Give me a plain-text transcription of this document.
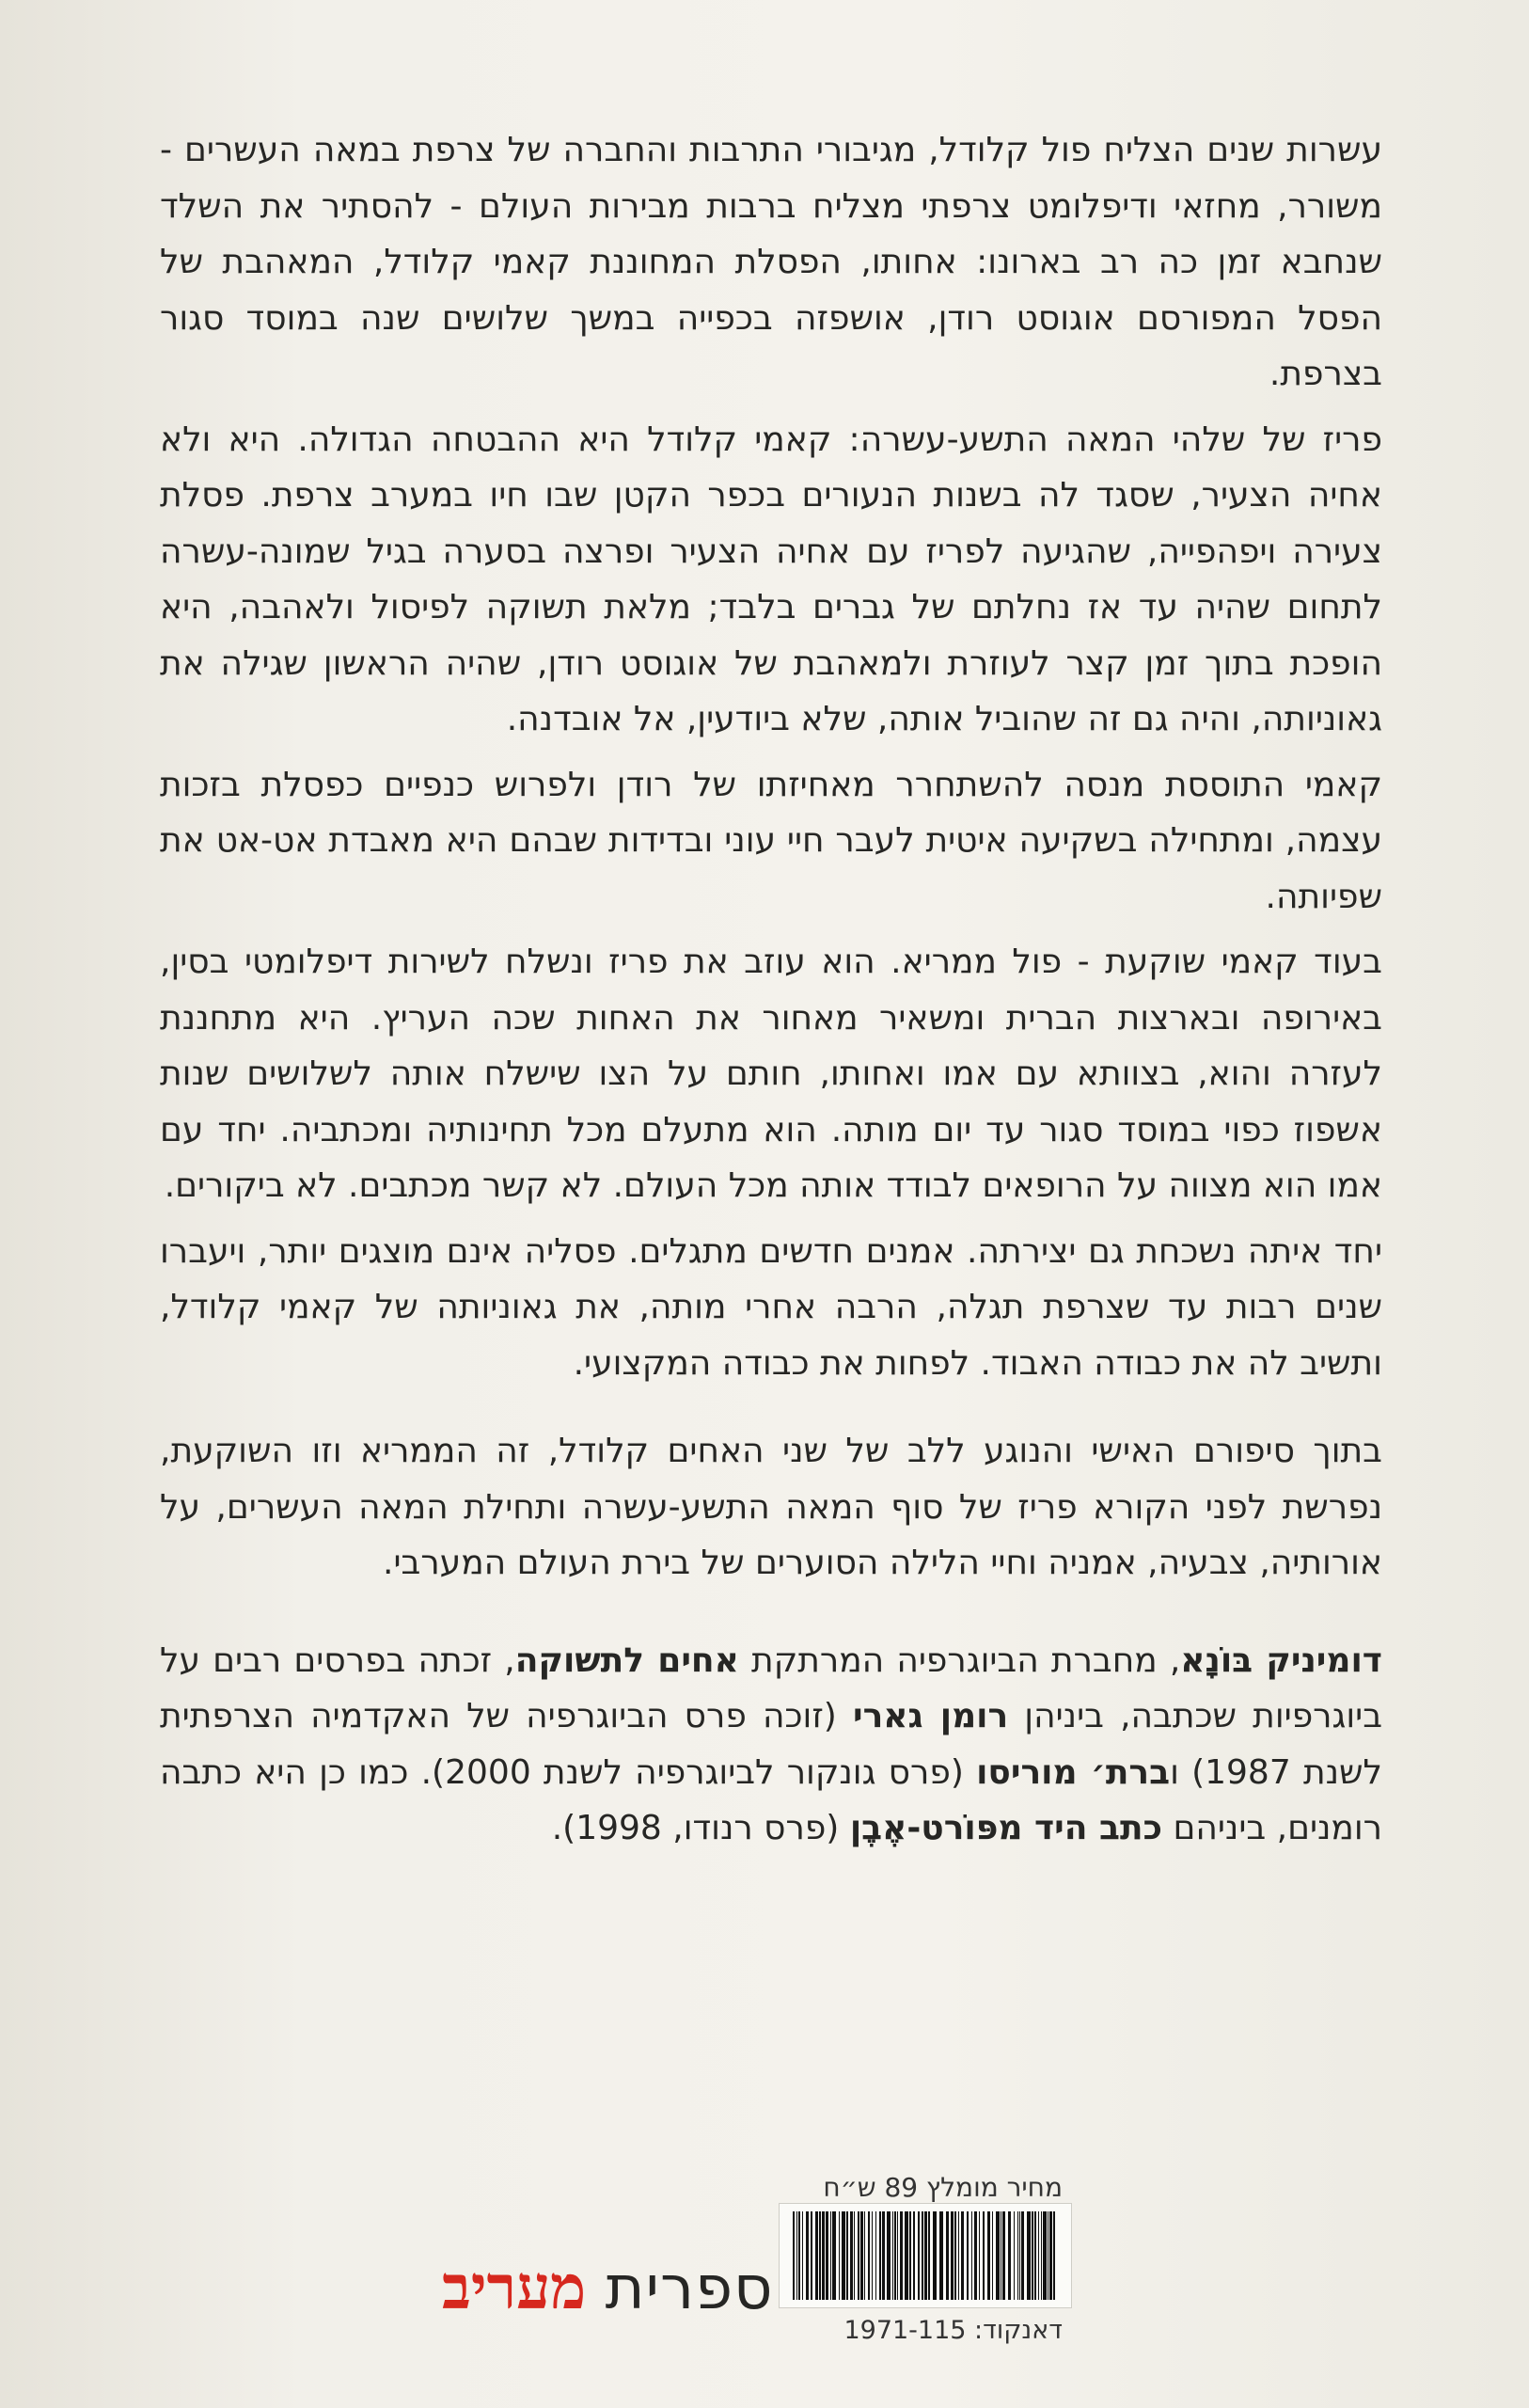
עשרות שנים הצליח פול קלודל, מגיבורי התרבות והחברה של צרפת במאה העשרים - משורר, מחזאי ודיפלומט צרפתי מצליח ברבות מבירות העולם - להסתיר את השלד שנחבא זמן כה רב בארונו: אחותו, הפסלת המחוננת קאמי קלודל, המאהבת של הפסל המפורסם אוגוסט רודן, אושפזה בכפייה במשך שלושים שנה במוסד סגור בצרפת.

פריז של שלהי המאה התשע-עשרה: קאמי קלודל היא ההבטחה הגדולה. היא ולא אחיה הצעיר, שסגד לה בשנות הנעורים בכפר הקטן שבו חיו במערב צרפת. פסלת צעירה ויפהפייה, שהגיעה לפריז עם אחיה הצעיר ופרצה בסערה בגיל שמונה-עשרה לתחום שהיה עד אז נחלתם של גברים בלבד; מלאת תשוקה לפיסול ולאהבה, היא הופכת בתוך זמן קצר לעוזרת ולמאהבת של אוגוסט רודן, שהיה הראשון שגילה את גאוניותה, והיה גם זה שהוביל אותה, שלא ביודעין, אל אובדנה.

קאמי התוססת מנסה להשתחרר מאחיזתו של רודן ולפרוש כנפיים כפסלת בזכות עצמה, ומתחילה בשקיעה איטית לעבר חיי עוני ובדידות שבהם היא מאבדת אט-אט את שפיותה.

בעוד קאמי שוקעת - פול ממריא. הוא עוזב את פריז ונשלח לשירות דיפלומטי בסין, באירופה ובארצות הברית ומשאיר מאחור את האחות שכה העריץ. היא מתחננת לעזרה והוא, בצוותא עם אמו ואחותו, חותם על הצו שישלח אותה לשלושים שנות אשפוז כפוי במוסד סגור עד יום מותה. הוא מתעלם מכל תחינותיה ומכתביה. יחד עם אמו הוא מצווה על הרופאים לבודד אותה מכל העולם. לא קשר מכתבים. לא ביקורים.

יחד איתה נשכחת גם יצירתה. אמנים חדשים מתגלים. פסליה אינם מוצגים יותר, ויעברו שנים רבות עד שצרפת תגלה, הרבה אחרי מותה, את גאוניותה של קאמי קלודל, ותשיב לה את כבודה האבוד. לפחות את כבודה המקצועי.

בתוך סיפורם האישי והנוגע ללב של שני האחים קלודל, זה הממריא וזו השוקעת, נפרשת לפני הקורא פריז של סוף המאה התשע-עשרה ותחילת המאה העשרים, על אורותיה, צבעיה, אמניה וחיי הלילה הסוערים של בירת העולם המערבי.

דומיניק בּוֹנָא, מחברת הביוגרפיה המרתקת אחים לתשוקה, זכתה בפרסים רבים על ביוגרפיות שכתבה, ביניהן רומן גארי (זוכה פרס הביוגרפיה של האקדמיה הצרפתית לשנת 1987) וברת׳ מוריסו (פרס גונקור לביוגרפיה לשנת 2000). כמו כן היא כתבה רומנים, ביניהם כתב היד מפּוֹרט-אֶבֶן (פרס רנודו, 1998).

מחיר מומלץ 89 ש״ח
דאנקוד: 1971-115
ספרית מעריב
